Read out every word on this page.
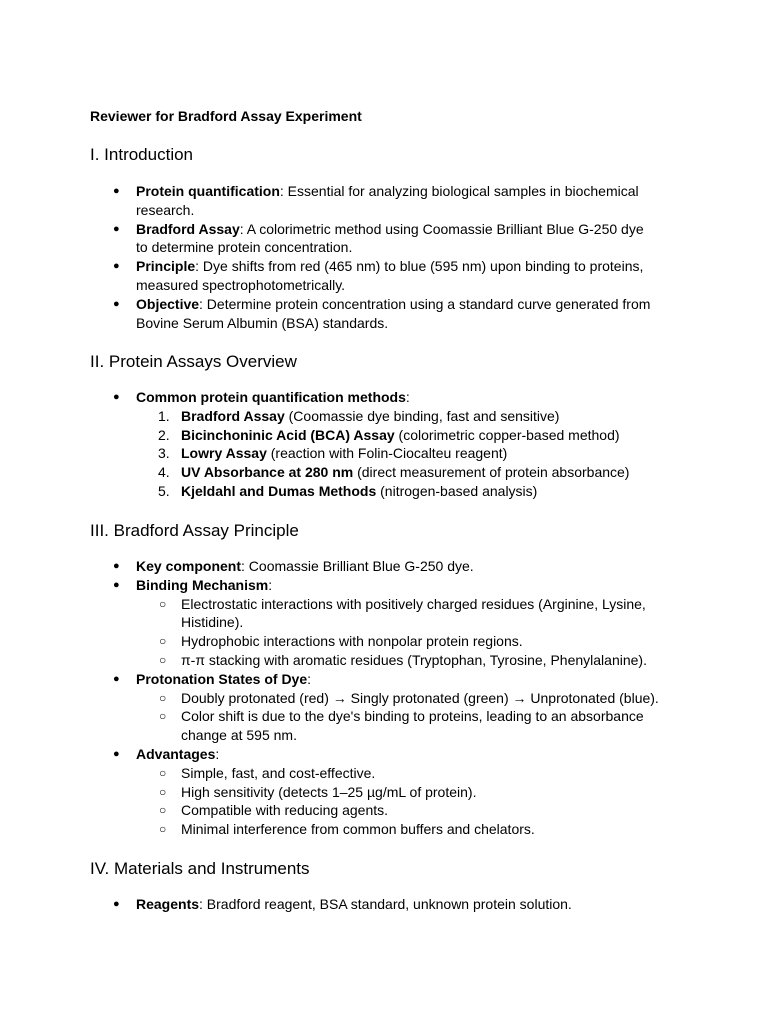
Reviewer for Bradford Assay Experiment
I. Introduction
● Protein quantification: Essential for analyzing biological samples in biochemical research.
● Bradford Assay: A colorimetric method using Coomassie Brilliant Blue G-250 dye to determine protein concentration.
● Principle: Dye shifts from red (465 nm) to blue (595 nm) upon binding to proteins, measured spectrophotometrically.
● Objective: Determine protein concentration using a standard curve generated from Bovine Serum Albumin (BSA) standards.
II. Protein Assays Overview
● Common protein quantification methods:
1. Bradford Assay (Coomassie dye binding, fast and sensitive)
2. Bicinchoninic Acid (BCA) Assay (colorimetric copper-based method)
3. Lowry Assay (reaction with Folin-Ciocalteu reagent)
4. UV Absorbance at 280 nm (direct measurement of protein absorbance)
5. Kjeldahl and Dumas Methods (nitrogen-based analysis)
III. Bradford Assay Principle
● Key component: Coomassie Brilliant Blue G-250 dye.
● Binding Mechanism:
○ Electrostatic interactions with positively charged residues (Arginine, Lysine, Histidine).
○ Hydrophobic interactions with nonpolar protein regions.
○ π-π stacking with aromatic residues (Tryptophan, Tyrosine, Phenylalanine).
● Protonation States of Dye:
○ Doubly protonated (red) → Singly protonated (green) → Unprotonated (blue).
○ Color shift is due to the dye's binding to proteins, leading to an absorbance change at 595 nm.
● Advantages:
○ Simple, fast, and cost-effective.
○ High sensitivity (detects 1–25 µg/mL of protein).
○ Compatible with reducing agents.
○ Minimal interference from common buffers and chelators.
IV. Materials and Instruments
● Reagents: Bradford reagent, BSA standard, unknown protein solution.
